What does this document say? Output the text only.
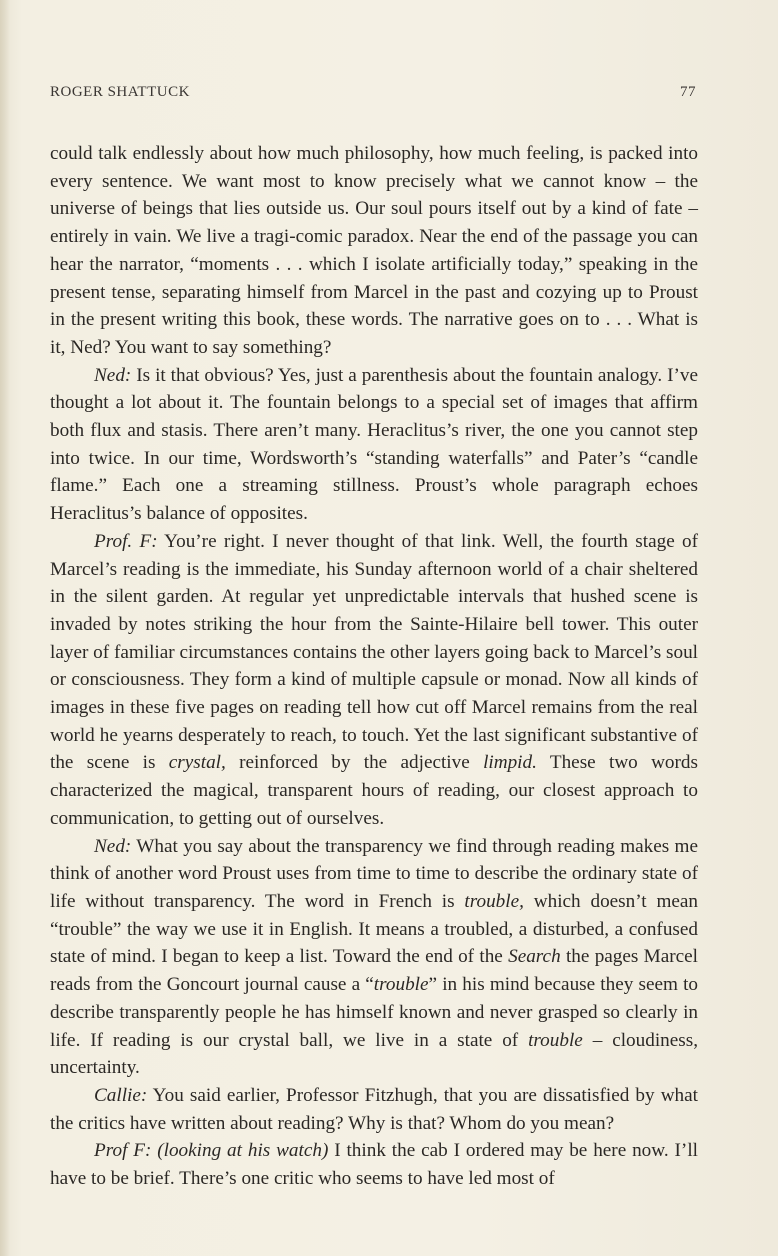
ROGER SHATTUCK	77

could talk endlessly about how much philosophy, how much feeling, is packed into every sentence. We want most to know precisely what we cannot know – the universe of beings that lies outside us. Our soul pours itself out by a kind of fate – entirely in vain. We live a tragi-comic paradox. Near the end of the passage you can hear the narrator, “moments . . . which I isolate artificially today,” speaking in the present tense, separating himself from Marcel in the past and cozying up to Proust in the present writing this book, these words. The narrative goes on to . . . What is it, Ned? You want to say something?

Ned: Is it that obvious? Yes, just a parenthesis about the fountain analogy. I’ve thought a lot about it. The fountain belongs to a special set of images that affirm both flux and stasis. There aren’t many. Heraclitus’s river, the one you cannot step into twice. In our time, Wordsworth’s “standing waterfalls” and Pater’s “candle flame.” Each one a streaming stillness. Proust’s whole paragraph echoes Heraclitus’s balance of opposites.

Prof. F: You’re right. I never thought of that link. Well, the fourth stage of Marcel’s reading is the immediate, his Sunday afternoon world of a chair sheltered in the silent garden. At regular yet unpredictable intervals that hushed scene is invaded by notes striking the hour from the Sainte-Hilaire bell tower. This outer layer of familiar circumstances contains the other layers going back to Marcel’s soul or consciousness. They form a kind of multiple capsule or monad. Now all kinds of images in these five pages on reading tell how cut off Marcel remains from the real world he yearns desperately to reach, to touch. Yet the last significant substantive of the scene is crystal, reinforced by the adjective limpid. These two words characterized the magical, transparent hours of reading, our closest approach to communication, to getting out of ourselves.

Ned: What you say about the transparency we find through reading makes me think of another word Proust uses from time to time to describe the ordinary state of life without transparency. The word in French is trouble, which doesn’t mean “trouble” the way we use it in English. It means a troubled, a disturbed, a confused state of mind. I began to keep a list. Toward the end of the Search the pages Marcel reads from the Goncourt journal cause a “trouble” in his mind because they seem to describe transparently people he has himself known and never grasped so clearly in life. If reading is our crystal ball, we live in a state of trouble – cloudiness, uncertainty.

Callie: You said earlier, Professor Fitzhugh, that you are dissatisfied by what the critics have written about reading? Why is that? Whom do you mean?

Prof F: (looking at his watch) I think the cab I ordered may be here now. I’ll have to be brief. There’s one critic who seems to have led most of
